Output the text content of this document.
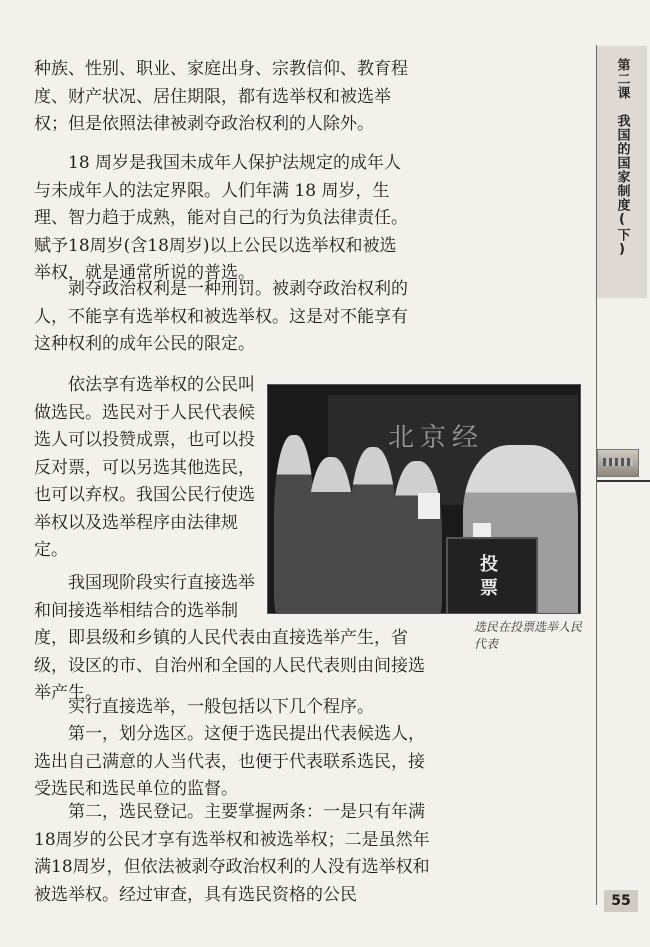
第二课
我国的国家制度(下)

种族、性别、职业、家庭出身、宗教信仰、教育程度、财产状况、居住期限，都有选举权和被选举权；但是依照法律被剥夺政治权利的人除外。

18 周岁是我国未成年人保护法规定的成年人与未成年人的法定界限。人们年满 18 周岁，生理、智力趋于成熟，能对自己的行为负法律责任。赋予18周岁(含18周岁)以上公民以选举权和被选举权，就是通常所说的普选。

剥夺政治权利是一种刑罚。被剥夺政治权利的人，不能享有选举权和被选举权。这是对不能享有这种权利的成年公民的限定。

依法享有选举权的公民叫做选民。选民对于人民代表候选人可以投赞成票，也可以投反对票，可以另选其他选民，也可以弃权。我国公民行使选举权以及选举程序由法律规定。

我国现阶段实行直接选举和间接选举相结合的选举制

度，即县级和乡镇的人民代表由直接选举产生，省级，设区的市、自治州和全国的人民代表则由间接选举产生。

实行直接选举，一般包括以下几个程序。

第一，划分选区。这便于选民提出代表候选人，选出自己满意的人当代表，也便于代表联系选民，接受选民和选民单位的监督。

第二，选民登记。主要掌握两条：一是只有年满18周岁的公民才享有选举权和被选举权；二是虽然年满18周岁，但依法被剥夺政治权利的人没有选举权和被选举权。经过审查，具有选民资格的公民

北京经
投票
选民在投票选举人民代表
55
